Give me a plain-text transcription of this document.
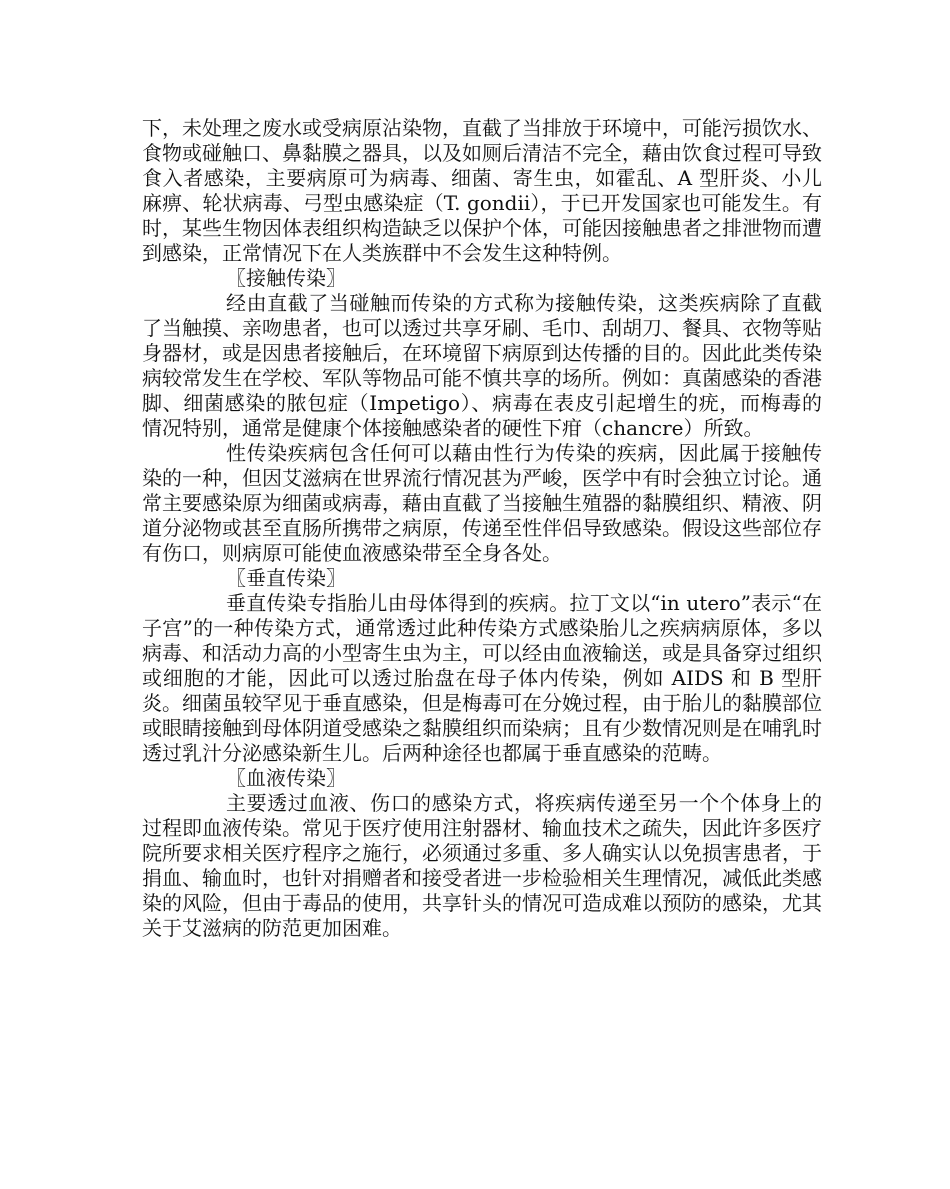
下，未处理之废水或受病原沾染物，直截了当排放于环境中，可能污损饮水、食物或碰触口、鼻黏膜之器具，以及如厕后清洁不完全，藉由饮食过程可导致食入者感染，主要病原可为病毒、细菌、寄生虫，如霍乱、A 型肝炎、小儿麻痹、轮状病毒、弓型虫感染症（T. gondii），于已开发国家也可能发生。有时，某些生物因体表组织构造缺乏以保护个体，可能因接触患者之排泄物而遭到感染，正常情况下在人类族群中不会发生这种特例。

〖接触传染〗

经由直截了当碰触而传染的方式称为接触传染，这类疾病除了直截了当触摸、亲吻患者，也可以透过共享牙刷、毛巾、刮胡刀、餐具、衣物等贴身器材，或是因患者接触后，在环境留下病原到达传播的目的。因此此类传染病较常发生在学校、军队等物品可能不慎共享的场所。例如：真菌感染的香港脚、细菌感染的脓包症（Impetigo）、病毒在表皮引起增生的疣，而梅毒的情况特别，通常是健康个体接触感染者的硬性下疳（chancre）所致。

性传染疾病包含任何可以藉由性行为传染的疾病，因此属于接触传染的一种，但因艾滋病在世界流行情况甚为严峻，医学中有时会独立讨论。通常主要感染原为细菌或病毒，藉由直截了当接触生殖器的黏膜组织、精液、阴道分泌物或甚至直肠所携带之病原，传递至性伴侣导致感染。假设这些部位存有伤口，则病原可能使血液感染带至全身各处。

〖垂直传染〗

垂直传染专指胎儿由母体得到的疾病。拉丁文以“in utero”表示“在子宫”的一种传染方式，通常透过此种传染方式感染胎儿之疾病病原体，多以病毒、和活动力高的小型寄生虫为主，可以经由血液输送，或是具备穿过组织或细胞的才能，因此可以透过胎盘在母子体内传染，例如 AIDS 和 B 型肝炎。细菌虽较罕见于垂直感染，但是梅毒可在分娩过程，由于胎儿的黏膜部位或眼睛接触到母体阴道受感染之黏膜组织而染病；且有少数情况则是在哺乳时透过乳汁分泌感染新生儿。后两种途径也都属于垂直感染的范畴。

〖血液传染〗

主要透过血液、伤口的感染方式，将疾病传递至另一个个体身上的过程即血液传染。常见于医疗使用注射器材、输血技术之疏失，因此许多医疗院所要求相关医疗程序之施行，必须通过多重、多人确实认以免损害患者，于捐血、输血时，也针对捐赠者和接受者进一步检验相关生理情况，减低此类感染的风险，但由于毒品的使用，共享针头的情况可造成难以预防的感染，尤其关于艾滋病的防范更加困难。
